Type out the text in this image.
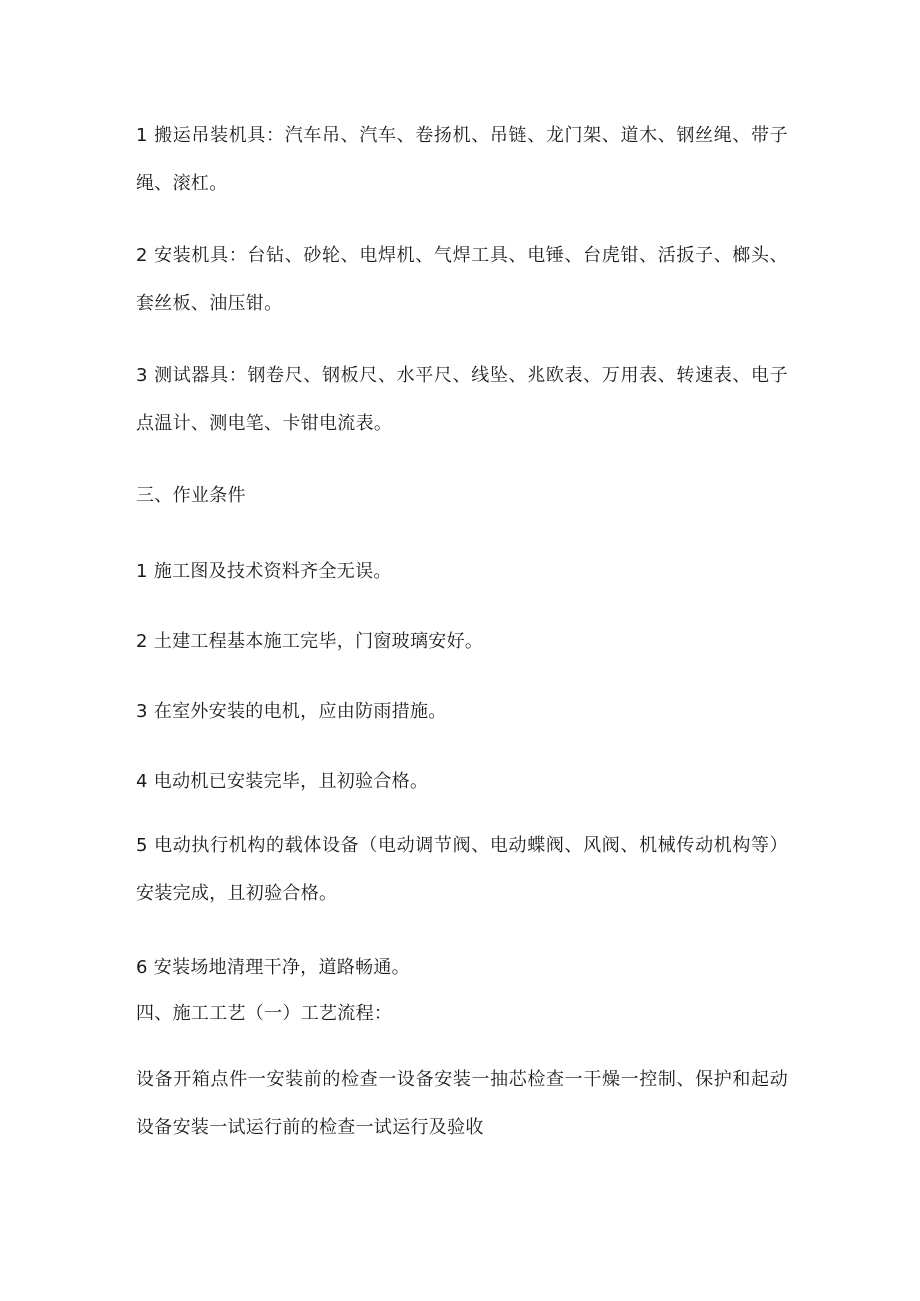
1 搬运吊装机具：汽车吊、汽车、卷扬机、吊链、龙门架、道木、钢丝绳、带子绳、滚杠。

2 安装机具：台钻、砂轮、电焊机、气焊工具、电锤、台虎钳、活扳子、榔头、套丝板、油压钳。

3 测试器具：钢卷尺、钢板尺、水平尺、线坠、兆欧表、万用表、转速表、电子点温计、测电笔、卡钳电流表。

三、作业条件

1 施工图及技术资料齐全无误。

2 土建工程基本施工完毕，门窗玻璃安好。

3 在室外安装的电机，应由防雨措施。

4 电动机已安装完毕，且初验合格。

5 电动执行机构的载体设备（电动调节阀、电动蝶阀、风阀、机械传动机构等）安装完成，且初验合格。

6 安装场地清理干净，道路畅通。

四、施工工艺（一）工艺流程：

设备开箱点件一安装前的检查一设备安装一抽芯检查一干燥一控制、保护和起动设备安装一试运行前的检查一试运行及验收
